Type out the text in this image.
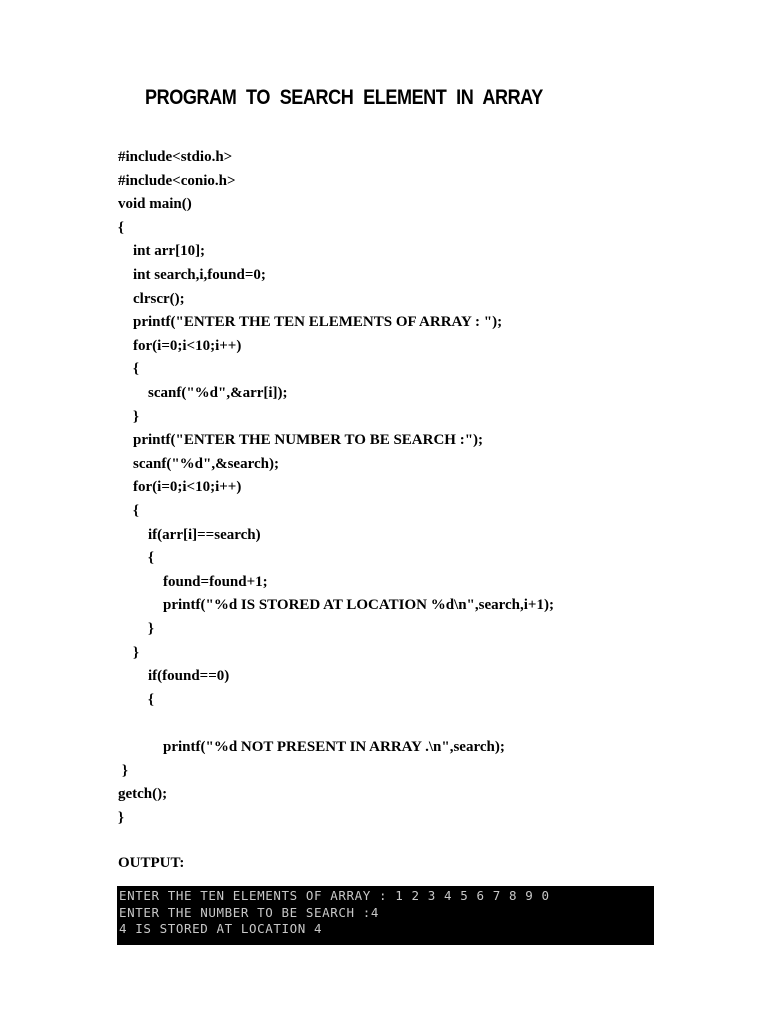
PROGRAM TO SEARCH ELEMENT IN ARRAY
#include<stdio.h>
#include<conio.h>
void main()
{
int arr[10];
int search,i,found=0;
clrscr();
printf("ENTER THE TEN ELEMENTS OF ARRAY : ");
for(i=0;i<10;i++)
{
scanf("%d",&arr[i]);
}
printf("ENTER THE NUMBER TO BE SEARCH :");
scanf("%d",&search);
for(i=0;i<10;i++)
{
if(arr[i]==search)
{
found=found+1;
printf("%d IS STORED AT LOCATION %d\n",search,i+1);
}
}
if(found==0)
{
printf("%d NOT PRESENT IN ARRAY .\n",search);
}
getch();
}
OUTPUT:
ENTER THE TEN ELEMENTS OF ARRAY : 1 2 3 4 5 6 7 8 9 0
ENTER THE NUMBER TO BE SEARCH :4
4 IS STORED AT LOCATION 4
